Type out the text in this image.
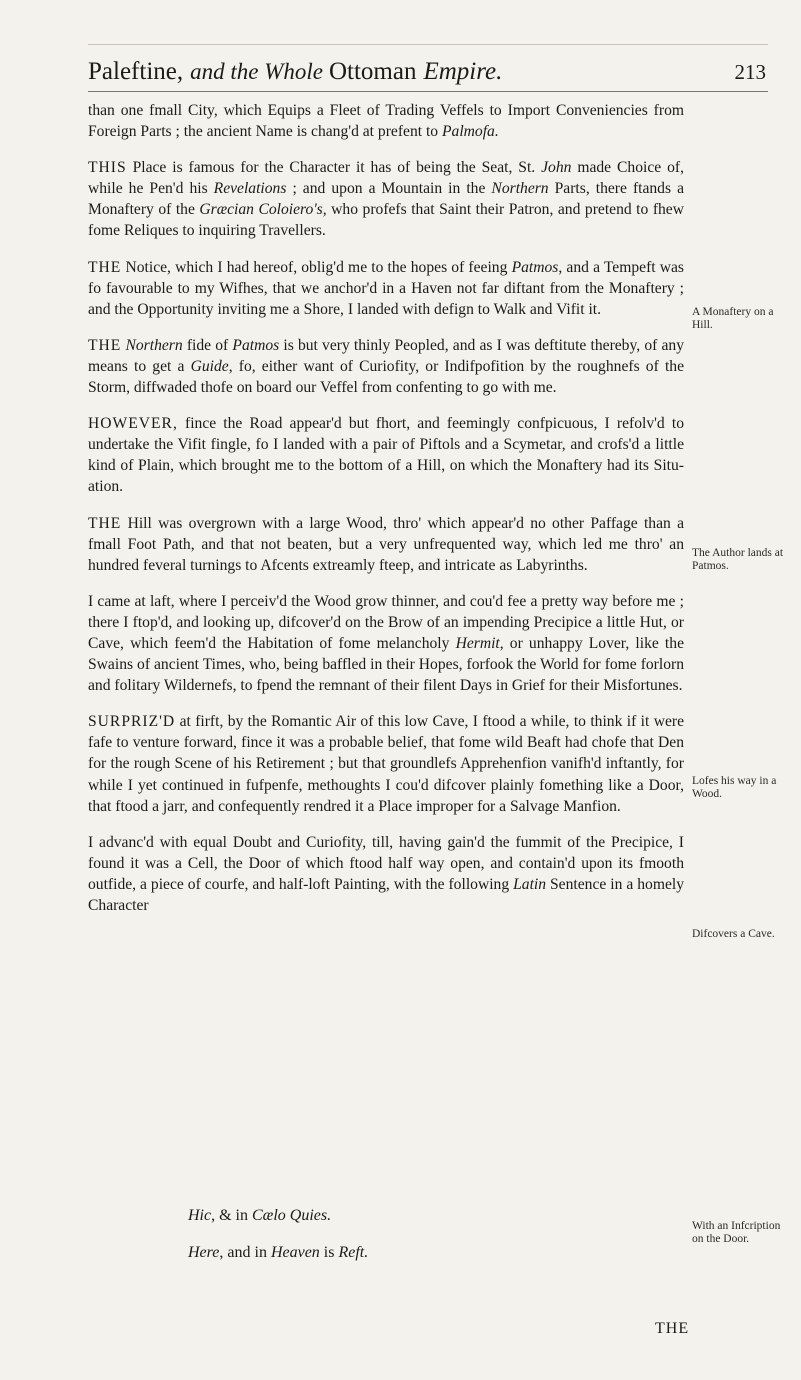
Paleftine, and the Whole Ottoman Empire.	213

than one fmall City, which Equips a Fleet of Trading Veffels to Import Conveniencies from Foreign Parts ; the ancient Name is chang'd at prefent to Palmofa.

THIS Place is famous for the Character it has of being the Seat, St. John made Choice of, while he Pen'd his Revelations ; and upon a Mountain in the Northern Parts, there ftands a Monaftery of the Græcian Coloiero's, who profefs that Saint their Patron, and pretend to fhew fome Reliques to inquiring Travellers.

THE Notice, which I had hereof, oblig'd me to the hopes of feeing Patmos, and a Tempeft was fo favourable to my Wifhes, that we anchor'd in a Haven not far diftant from the Monaftery ; and the Opportunity inviting me a Shore, I landed with defign to Walk and Vifit it.

THE Northern fide of Patmos is but very thinly Peopled, and as I was deftitute thereby, of any means to get a Guide, fo, either want of Curiofity, or Indifpofition by the roughnefs of the Storm, diffwaded thofe on board our Veffel from confenting to go with me.

HOWEVER, fince the Road appear'd but fhort, and feemingly confpicuous, I refolv'd to undertake the Vifit fingle, fo I landed with a pair of Piftols and a Scymetar, and crofs'd a little kind of Plain, which brought me to the bottom of a Hill, on which the Monaftery had its Situation.

THE Hill was overgrown with a large Wood, thro' which appear'd no other Paffage than a fmall Foot Path, and that not beaten, but a very unfrequented way, which led me thro' an hundred feveral turnings to Afcents extreamly fteep, and intricate as Labyrinths.

I came at laft, where I perceiv'd the Wood grow thinner, and cou'd fee a pretty way before me ; there I ftop'd, and looking up, difcover'd on the Brow of an impending Precipice a little Hut, or Cave, which feem'd the Habitation of fome melancholy Hermit, or unhappy Lover, like the Swains of ancient Times, who, being baffled in their Hopes, forfook the World for fome forlorn and folitary Wildernefs, to fpend the remnant of their filent Days in Grief for their Misfortunes.

SURPRIZ'D at firft, by the Romantic Air of this low Cave, I ftood a while, to think if it were fafe to venture forward, fince it was a probable belief, that fome wild Beaft had chofe that Den for the rough Scene of his Retirement ; but that groundlefs Apprehenfion vanifh'd inftantly, for while I yet continued in fufpenfe, methoughts I cou'd difcover plainly fomething like a Door, that ftood a jarr, and confequently rendred it a Place improper for a Salvage Manfion.

I advanc'd with equal Doubt and Curiofity, till, having gain'd the fummit of the Precipice, I found it was a Cell, the Door of which ftood half way open, and contain'd upon its fmooth outfide, a piece of courfe, and half-loft Painting, with the following Latin Sentence in a homely Character

A Monaftery on a Hill.
The Author lands at Patmos.
Lofes his way in a Wood.
Difcovers a Cave.
With an Infcription on the Door.
Hic, & in Cælo Quies.
Here, and in Heaven is Reft.
THE
